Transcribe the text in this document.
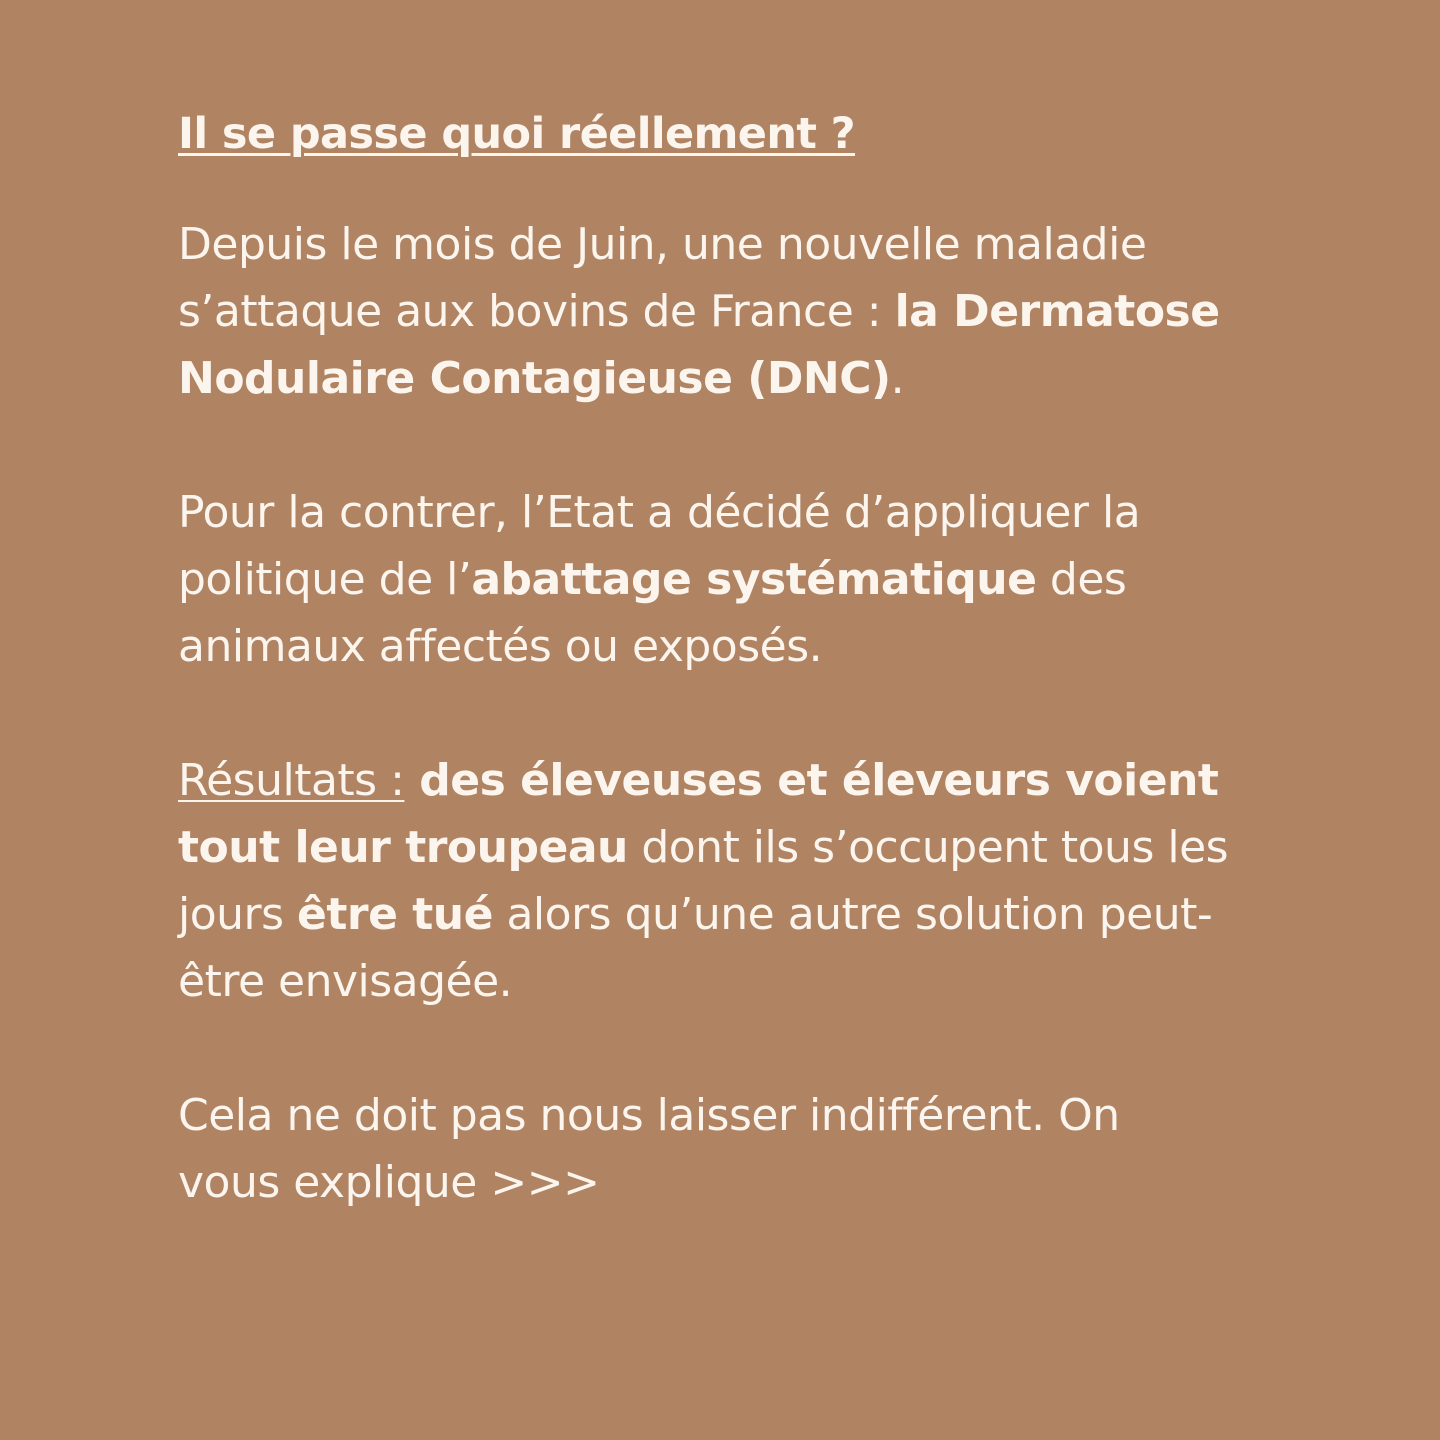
Il se passe quoi réellement ?

Depuis le mois de Juin, une nouvelle maladie
s’attaque aux bovins de France : la Dermatose
Nodulaire Contagieuse (DNC).

Pour la contrer, l’Etat a décidé d’appliquer la
politique de l’abattage systématique des
animaux affectés ou exposés.

Résultats : des éleveuses et éleveurs voient
tout leur troupeau dont ils s’occupent tous les
jours être tué alors qu’une autre solution peut-
être envisagée.

Cela ne doit pas nous laisser indifférent. On
vous explique >>>
